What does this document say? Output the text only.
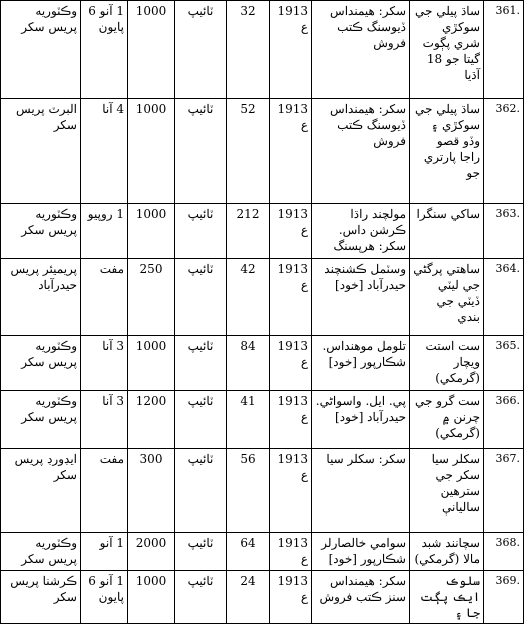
وڪٽوريه پريس سکر	1 آنو 6 پايون	1000	ٽائيپ	32	1913 ع	سکر: هيمنداس ڏيوسنگ ڪتب فروش	ساڌ پيلي جي سوکڙي شري پڳوت گيتا جو 18 آڌيا	361.
البرٽ پريس سکر	4 آنا	1000	ٽائيپ	52	1913 ع	سکر: هيمنداس ڏيوسنگ ڪتب فروش	ساڌ پيلي جي سوکڙي ۽ وڏو قصو راجا پارتري جو	362.
وڪٽوريه پريس سکر	1 روپيو	1000	ٽائيپ	212	1913 ع	مولچند راڌا ڪرشن داس. سکر: هرپسنگ	ساکي سنگرا	363.
پريميئر پريس حيدرآباد	مفت	250	ٽائيپ	42	1913 ع	وسٽمل ڪشنچند حيدرآباد [خود]	ساهتي پرگڻي جي ليٽي ڏيٽي جي بندي	364.
وڪٽوريه پريس سکر	3 آنا	1000	ٽائيپ	84	1913 ع	تلومل موهنداس. شڪارپور [خود]	ست استت ويچار (گرمکي)	365.
وڪٽوريه پريس سکر	3 آنا	1200	ٽائيپ	41	1913 ع	پي. ايل. واسواڻي. حيدرآباد [خود]	ست گرو جي چرنن ۾ (گرمکي)	366.
ايڊورڊ پريس سکر	مفت	300	ٽائيپ	56	1913 ع	سکر: سکلر سيا	سکلر سيا سکر جي سترهين ساليانې	367.
وڪٽوريه پريس سکر	1 آنو	2000	ٽائيپ	64	1913 ع	سوامي خالصارلر شڪارپور [خود]	سچانند شبد مالا (گرمکي)	368.
ڪرشنا پريس سکر	1 آنو 6 پايون	1000	ٽائيپ	24	1913 ع	سکر: هيمنداس سنز ڪتب فروش	سلوڪ ايڪ پڳت جا ۽	369.
